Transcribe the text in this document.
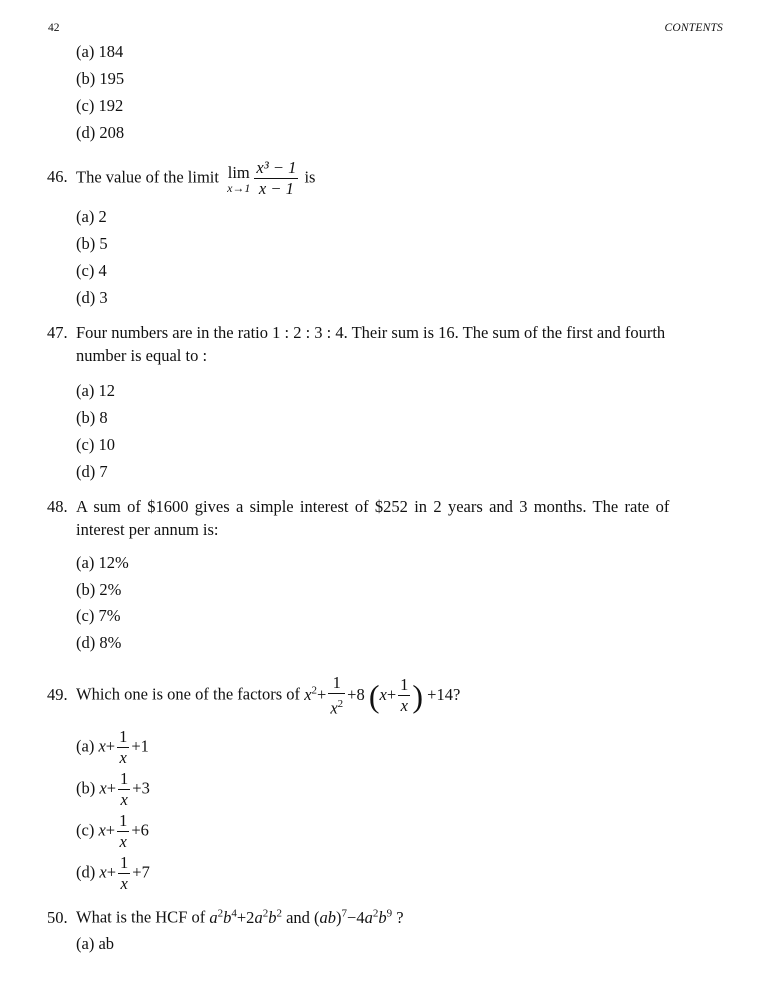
42	CONTENTS
(a) 184
(b) 195
(c) 192
(d) 208
46. The value of the limit lim
$x\to 1 \frac{\text{x³ − 1}}{x - 1}$ is
(a) 2
(b) 5
(c) 4
(d) 3
47. Four numbers are in the ratio 1 : 2 : 3 : 4. Their sum is 16. The sum of the first and fourth
number is equal to :
(a) 12
(b) 8
(c) 10
(d) 7
48. A sum of $1600 gives a simple interest of $252 in 2 years and 3 months. The rate of
interest per annum is:
(a) 12%
(b) 2%
(c) 7%
(d) 8%
49. Which one is one of the factors of $x^2+ \frac{1}{x^2} +8$ ($x+ \frac{1}{x}$ ) +14?
(a) $x+ \frac{1}{x} +1$
(b) $x+ \frac{1}{x} +3$
(c) $x+ \frac{1}{x} +6$
(d) $x+ \frac{1}{x} +7$
50. What is the HCF of $a^2b^4+2a^2b^2$ and $(ab)^7-4a^2b^9$ ?
(a) ab
